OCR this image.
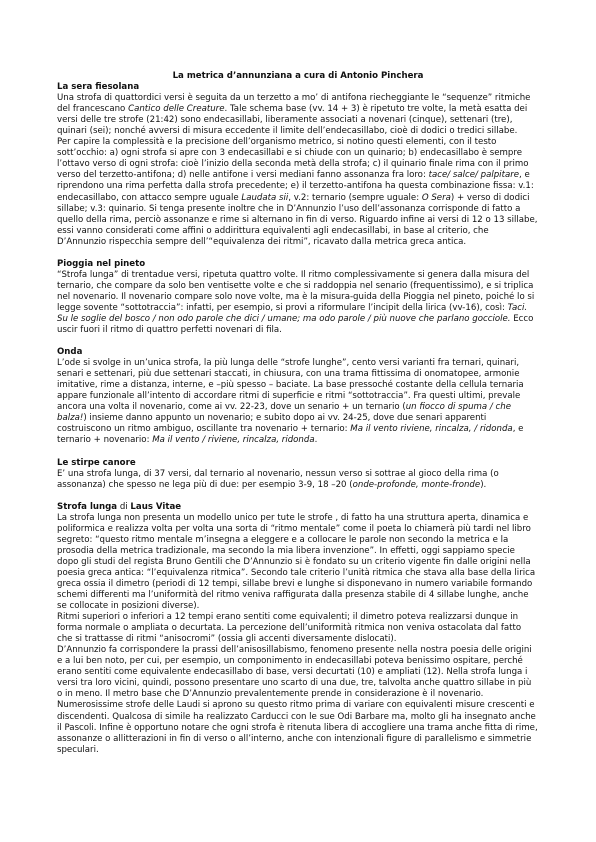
La metrica d’annunziana a cura di Antonio Pinchera

La sera fiesolana

Una strofa di quattordici versi è seguita da un terzetto a mo’ di antifona riecheggiante le “sequenze” ritmiche del francescano Cantico delle Creature. Tale schema base (vv. 14 + 3) è ripetuto tre volte, la metà esatta dei versi delle tre strofe (21:42) sono endecasillabi, liberamente associati a novenari (cinque), settenari (tre), quinari (sei); nonché avversi di misura eccedente il limite dell’endecasillabo, cioè di dodici o tredici sillabe.

Per capire la complessità e la precisione dell’organismo metrico, si notino questi elementi, con il testo sott’occhio: a) ogni strofa si apre con 3 endecasillabi e si chiude con un quinario; b) endecasillabo è sempre l’ottavo verso di ogni strofa: cioè l’inizio della seconda metà della strofa; c) il quinario finale rima con il primo verso del terzetto-antifona; d) nelle antifone i versi mediani fanno assonanza fra loro: tace/ salce/ palpitare, e riprendono una rima perfetta dalla strofa precedente; e) il terzetto-antifona ha questa combinazione fissa: v.1: endecasillabo, con attacco sempre uguale Laudata sii, v.2: ternario (sempre uguale: O Sera) + verso di dodici sillabe; v.3: quinario. Si tenga presente inoltre che in D’Annunzio l’uso dell’assonanza corrisponde di fatto a quello della rima, perciò assonanze e rime si alternano in fin di verso. Riguardo infine ai versi di 12 o 13 sillabe, essi vanno considerati come affini o addirittura equivalenti agli endecasillabi, in base al criterio, che D’Annunzio rispecchia sempre dell’“equivalenza dei ritmi”, ricavato dalla metrica greca antica.

Pioggia nel pineto

“Strofa lunga” di trentadue versi, ripetuta quattro volte. Il ritmo complessivamente si genera dalla misura del ternario, che compare da solo ben ventisette volte e che si raddoppia nel senario (frequentissimo), e si triplica nel novenario. Il novenario compare solo nove volte, ma è la misura-guida della Pioggia nel pineto, poiché lo si legge sovente “sottotraccia”: infatti, per esempio, si provi a riformulare l’incipit della lirica (vv-16), così: Taci. Su le soglie del bosco / non odo parole che dici / umane; ma odo parole / più nuove che parlano gocciole. Ecco uscir fuori il ritmo di quattro perfetti novenari di fila.

Onda

L’ode si svolge in un’unica strofa, la più lunga delle “strofe lunghe”, cento versi varianti fra ternari, quinari, senari e settenari, più due settenari staccati, in chiusura, con una trama fittissima di onomatopee, armonie imitative, rime a distanza, interne, e –più spesso – baciate. La base pressoché costante della cellula ternaria appare funzionale all’intento di accordare ritmi di superficie e ritmi “sottotraccia”. Fra questi ultimi, prevale ancora una volta il novenario, come ai vv. 22-23, dove un senario + un ternario (un fiocco di spuma / che balza!) insieme danno appunto un novenario; e subito dopo ai vv. 24-25, dove due senari apparenti costruiscono un ritmo ambiguo, oscillante tra novenario + ternario: Ma il vento riviene, rincalza, / ridonda, e ternario + novenario: Ma il vento / riviene, rincalza, ridonda.

Le stirpe canore

E’ una strofa lunga, di 37 versi, dal ternario al novenario, nessun verso si sottrae al gioco della rima (o assonanza) che spesso ne lega più di due: per esempio 3-9, 18 –20 (onde-profonde, monte-fronde).

Strofa lunga di Laus Vitae

La strofa lunga non presenta un modello unico per tute le strofe , di fatto ha una struttura aperta, dinamica e poliformica e realizza volta per volta una sorta di “ritmo mentale” come il poeta lo chiamerà più tardi nel libro segreto: “questo ritmo mentale m’insegna a eleggere e a collocare le parole non secondo la metrica e la prosodia della metrica tradizionale, ma secondo la mia libera invenzione”. In effetti, oggi sappiamo specie dopo gli studi del regista Bruno Gentili che D’Annunzio si è fondato su un criterio vigente fin dalle origini nella poesia greca antica: “l’equivalenza ritmica”. Secondo tale criterio l’unità ritmica che stava alla base della lirica greca ossia il dimetro (periodi di 12 tempi, sillabe brevi e lunghe si disponevano in numero variabile formando schemi differenti ma l’uniformità del ritmo veniva raffigurata dalla presenza stabile di 4 sillabe lunghe, anche se collocate in posizioni diverse).

Ritmi superiori o inferiori a 12 tempi erano sentiti come equivalenti; il dimetro poteva realizzarsi dunque in forma normale o ampliata o decurtata. La percezione dell’uniformità ritmica non veniva ostacolata dal fatto che si trattasse di ritmi “anisocromi” (ossia gli accenti diversamente dislocati).

D’Annunzio fa corrispondere la prassi dell’anisosillabismo, fenomeno presente nella nostra poesia delle origini e a lui ben noto, per cui, per esempio, un componimento in endecasillabi poteva benissimo ospitare, perché erano sentiti come equivalente endecasillabo di base, versi decurtati (10) e ampliati (12). Nella strofa lunga i versi tra loro vicini, quindi, possono presentare uno scarto di una due, tre, talvolta anche quattro sillabe in più o in meno. Il metro base che D’Annunzio prevalentemente prende in considerazione è il novenario. Numerosissime strofe delle Laudi si aprono su questo ritmo prima di variare con equivalenti misure crescenti e discendenti. Qualcosa di simile ha realizzato Carducci con le sue Odi Barbare ma, molto gli ha insegnato anche il Pascoli. Infine è opportuno notare che ogni strofa è ritenuta libera di accogliere una trama anche fitta di rime, assonanze o allitterazioni in fin di verso o all’interno, anche con intenzionali figure di parallelismo e simmetrie speculari.
